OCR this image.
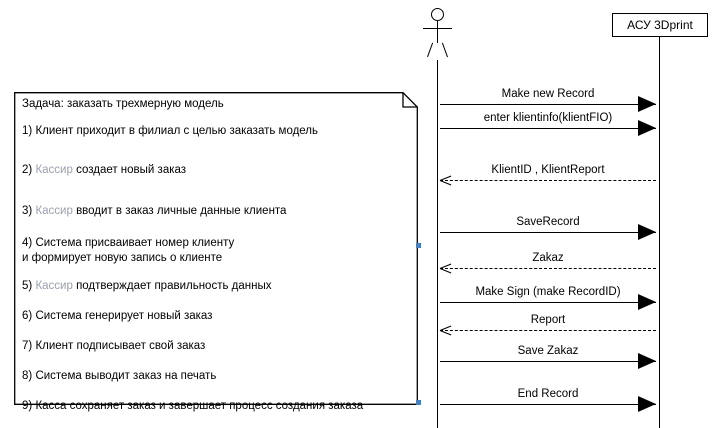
АСУ 3Dprint
Задача: заказать трехмерную модель
1) Клиент приходит в филиал с целью заказать модель
2) Кассир создает новый заказ
3) Кассир вводит в заказ личные данные клиента
4) Система присваивает номер клиенту
и формирует новую запись о клиенте
5) Кассир подтверждает правильность данных
6) Система генерирует новый заказ
7) Клиент подписывает свой заказ
8) Система выводит заказ на печать
9) Касса сохраняет заказ и завершает процесс создания заказа
Make new Record
enter klientinfo(klientFIO)
KlientID , KlientReport
SaveRecord
Zakaz
Make Sign (make RecordID)
Report
Save Zakaz
End Record
